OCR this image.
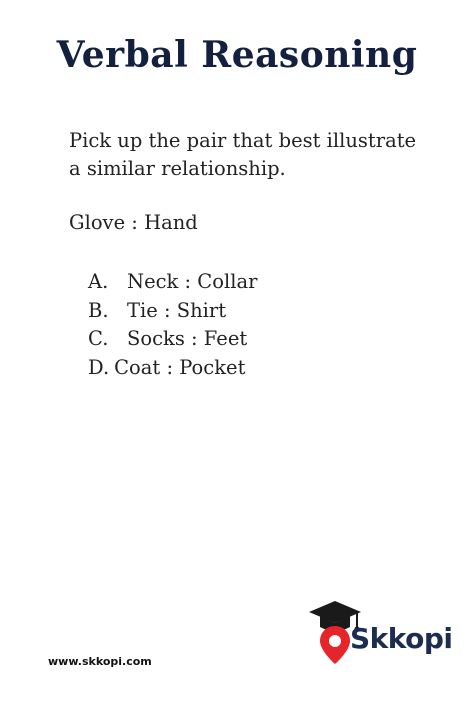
Verbal Reasoning
Pick up the pair that best illustrate a similar relationship.
Glove : Hand
A. Neck : Collar
B. Tie : Shirt
C. Socks : Feet
D. Coat : Pocket
www.skkopi.com
Skkopi
